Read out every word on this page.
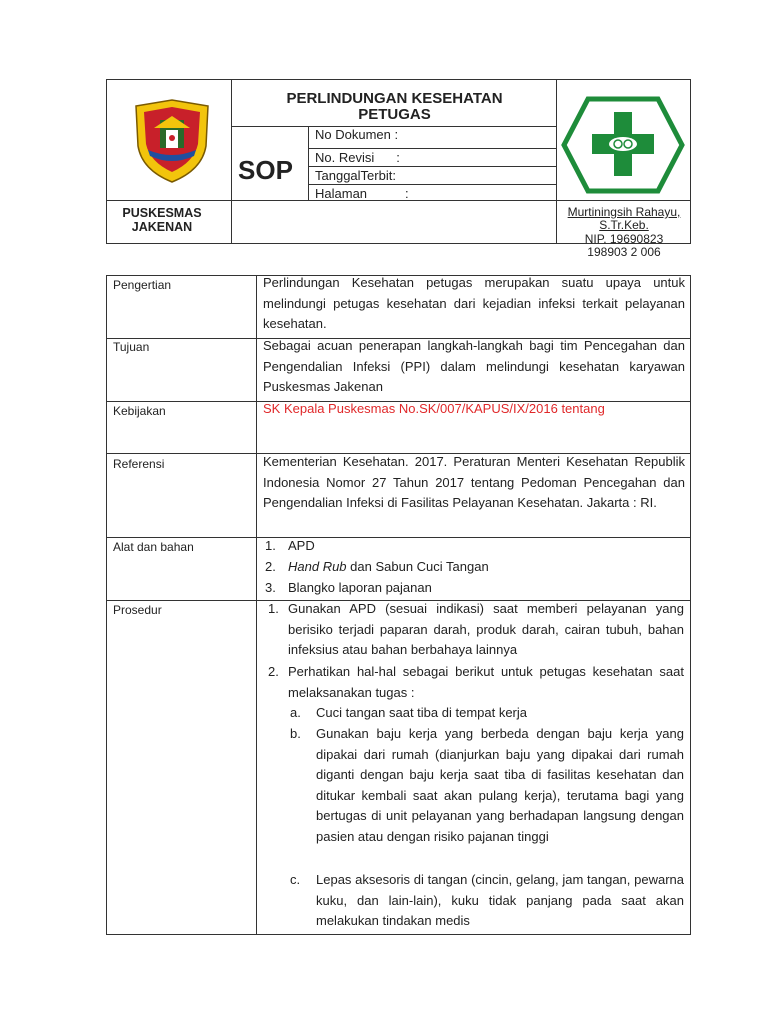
PERLINDUNGAN KESEHATAN PETUGAS
SOP
No Dokumen :
No. Revisi :
TanggalTerbit:
Halaman	:
PUSKESMAS JAKENAN
Murtiningsih Rahayu, S.Tr.Keb.
NIP. 19690823 198903 2 006
Pengertian	Perlindungan Kesehatan petugas merupakan suatu upaya untuk melindungi petugas kesehatan dari kejadian infeksi terkait pelayanan kesehatan.
Tujuan	Sebagai acuan penerapan langkah-langkah bagi tim Pencegahan dan Pengendalian Infeksi (PPI) dalam melindungi kesehatan karyawan Puskesmas Jakenan
Kebijakan	SK Kepala Puskesmas No.SK/007/KAPUS/IX/2016 tentang
Referensi	Kementerian Kesehatan. 2017. Peraturan Menteri Kesehatan Republik Indonesia Nomor 27 Tahun 2017 tentang Pedoman Pencegahan dan Pengendalian Infeksi di Fasilitas Pelayanan Kesehatan. Jakarta : RI.
Alat dan bahan	1. APD
2. Hand Rub dan Sabun Cuci Tangan
3. Blangko laporan pajanan
Prosedur	1. Gunakan APD (sesuai indikasi) saat memberi pelayanan yang berisiko terjadi paparan darah, produk darah, cairan tubuh, bahan infeksius atau bahan berbahaya lainnya
2. Perhatikan hal-hal sebagai berikut untuk petugas kesehatan saat melaksanakan tugas :
a. Cuci tangan saat tiba di tempat kerja
b. Gunakan baju kerja yang berbeda dengan baju kerja yang dipakai dari rumah (dianjurkan baju yang dipakai dari rumah diganti dengan baju kerja saat tiba di fasilitas kesehatan dan ditukar kembali saat akan pulang kerja), terutama bagi yang bertugas di unit pelayanan yang berhadapan langsung dengan pasien atau dengan risiko pajanan tinggi
c. Lepas aksesoris di tangan (cincin, gelang, jam tangan, pewarna kuku, dan lain-lain), kuku tidak panjang pada saat akan melakukan tindakan medis
